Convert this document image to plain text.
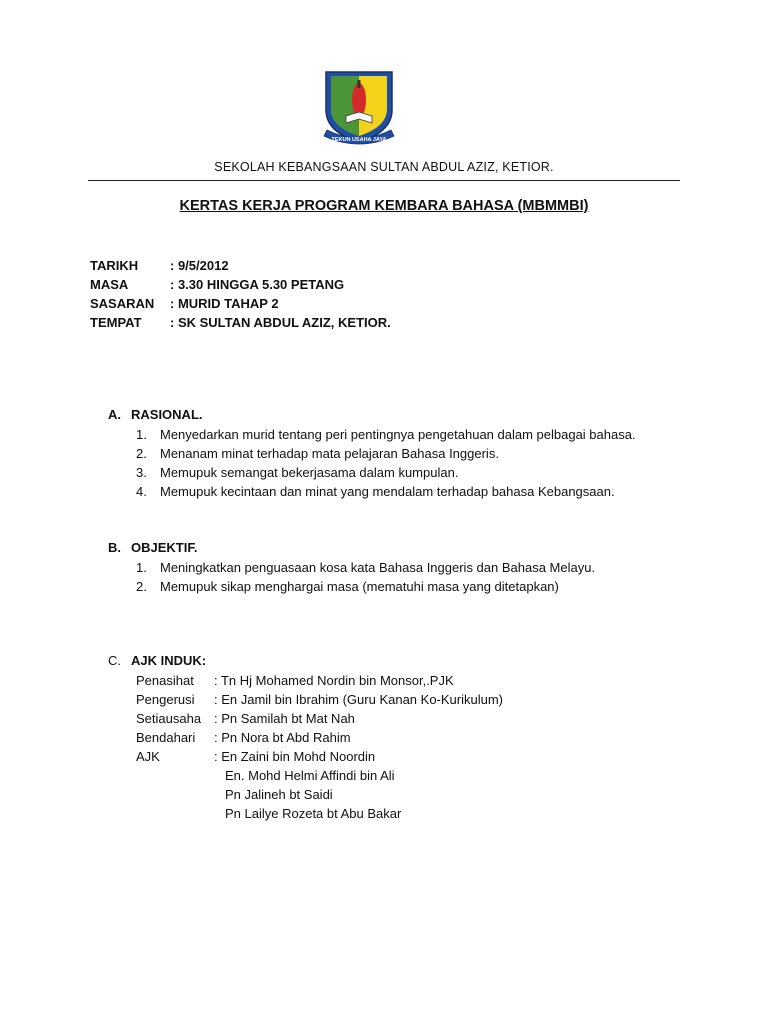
TEKUN USAHA JAYA
SEKOLAH KEBANGSAAN SULTAN ABDUL AZIZ, KETIOR.
KERTAS KERJA PROGRAM KEMBARA BAHASA (MBMMBI)
TARIKH : 9/5/2012
MASA	: 3.30 HINGGA 5.30 PETANG
SASARAN : MURID TAHAP 2
TEMPAT : SK SULTAN ABDUL AZIZ, KETIOR.
A. RASIONAL.
1. Menyedarkan murid tentang peri pentingnya pengetahuan dalam pelbagai bahasa.
2. Menanam minat terhadap mata pelajaran Bahasa Inggeris.
3. Memupuk semangat bekerjasama dalam kumpulan.
4. Memupuk kecintaan dan minat yang mendalam terhadap bahasa Kebangsaan.
B. OBJEKTIF.
1. Meningkatkan penguasaan kosa kata Bahasa Inggeris dan Bahasa Melayu.
2. Memupuk sikap menghargai masa (mematuhi masa yang ditetapkan)
C. AJK INDUK:
Penasihat : Tn Hj Mohamed Nordin bin Monsor,.PJK
Pengerusi : En Jamil bin Ibrahim (Guru Kanan Ko-Kurikulum)
Setiausaha : Pn Samilah bt Mat Nah
Bendahari : Pn Nora bt Abd Rahim
AJK	: En Zaini bin Mohd Noordin
En. Mohd Helmi Affindi bin Ali
Pn Jalineh bt Saidi
Pn Lailye Rozeta bt Abu Bakar
